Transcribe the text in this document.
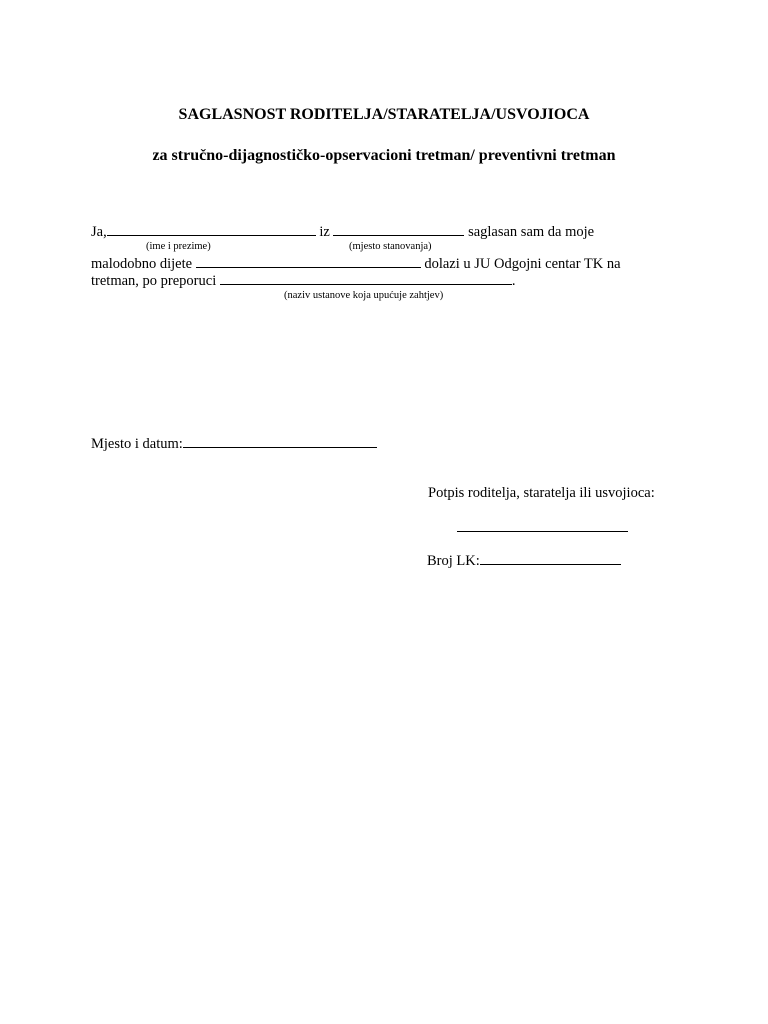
SAGLASNOST RODITELJA/STARATELJA/USVOJIOCA
za stručno-dijagnostičko-opservacioni tretman/ preventivni tretman
Ja,	iz	saglasan sam da moje
(ime i prezime)	(mjesto stanovanja)
malodobno dijete	dolazi u JU Odgojni centar TK na
tretman, po preporuci	.
(naziv ustanove koja upućuje zahtjev)
Mjesto i datum:
Potpis roditelja, staratelja ili usvojioca:
Broj LK:
